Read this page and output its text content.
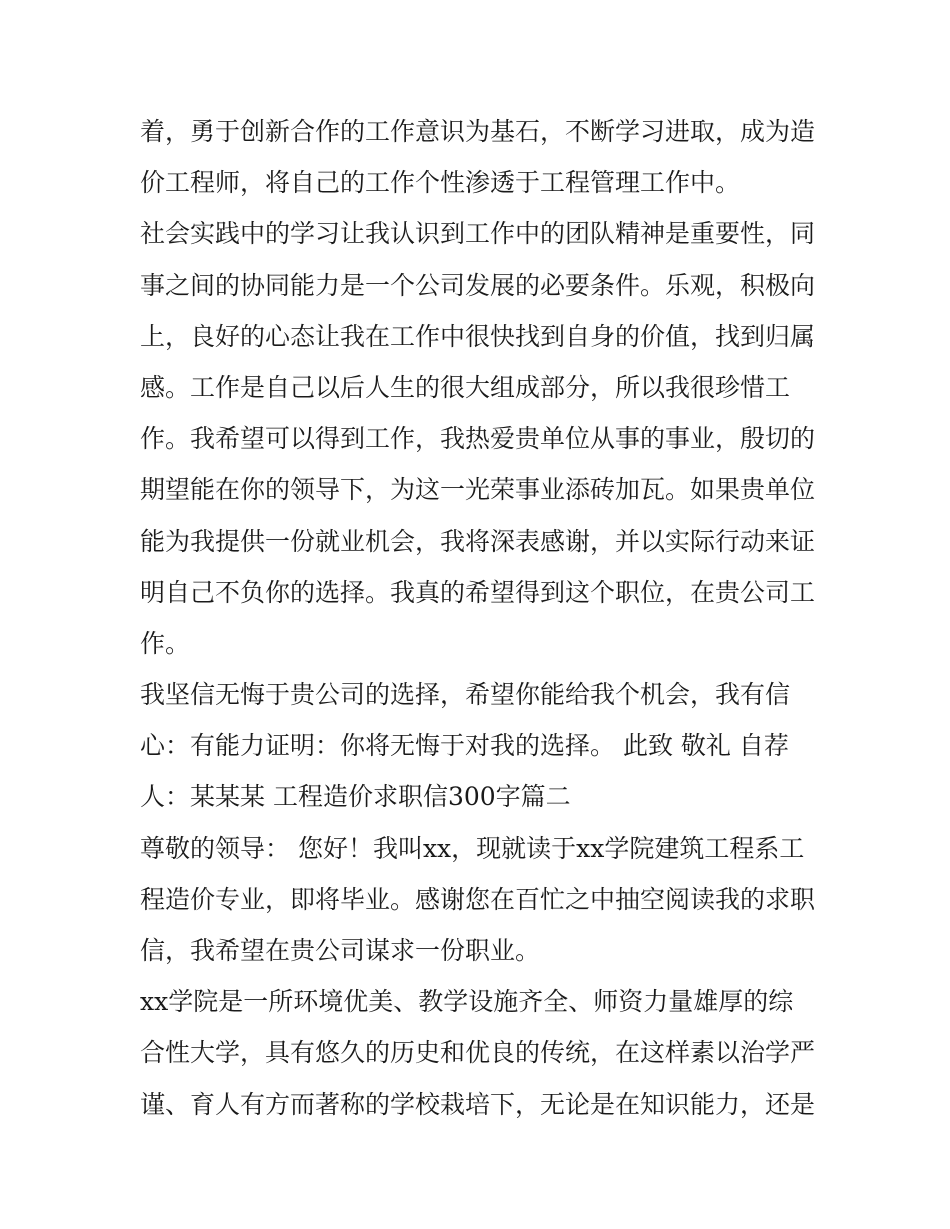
着，勇于创新合作的工作意识为基石，不断学习进取，成为造
价工程师，将自己的工作个性渗透于工程管理工作中。
社会实践中的学习让我认识到工作中的团队精神是重要性，同
事之间的协同能力是一个公司发展的必要条件。乐观，积极向
上，良好的心态让我在工作中很快找到自身的价值，找到归属
感。工作是自己以后人生的很大组成部分，所以我很珍惜工
作。我希望可以得到工作，我热爱贵单位从事的事业，殷切的
期望能在你的领导下，为这一光荣事业添砖加瓦。如果贵单位
能为我提供一份就业机会，我将深表感谢，并以实际行动来证
明自己不负你的选择。我真的希望得到这个职位，在贵公司工
作。
我坚信无悔于贵公司的选择，希望你能给我个机会，我有信
心：有能力证明：你将无悔于对我的选择。 此致 敬礼 自荐
人：某某某 工程造价求职信300字篇二
尊敬的领导： 您好！我叫xx，现就读于xx学院建筑工程系工
程造价专业，即将毕业。感谢您在百忙之中抽空阅读我的求职
信，我希望在贵公司谋求一份职业。
xx学院是一所环境优美、教学设施齐全、师资力量雄厚的综
合性大学，具有悠久的历史和优良的传统，在这样素以治学严
谨、育人有方而著称的学校栽培下，无论是在知识能力，还是
